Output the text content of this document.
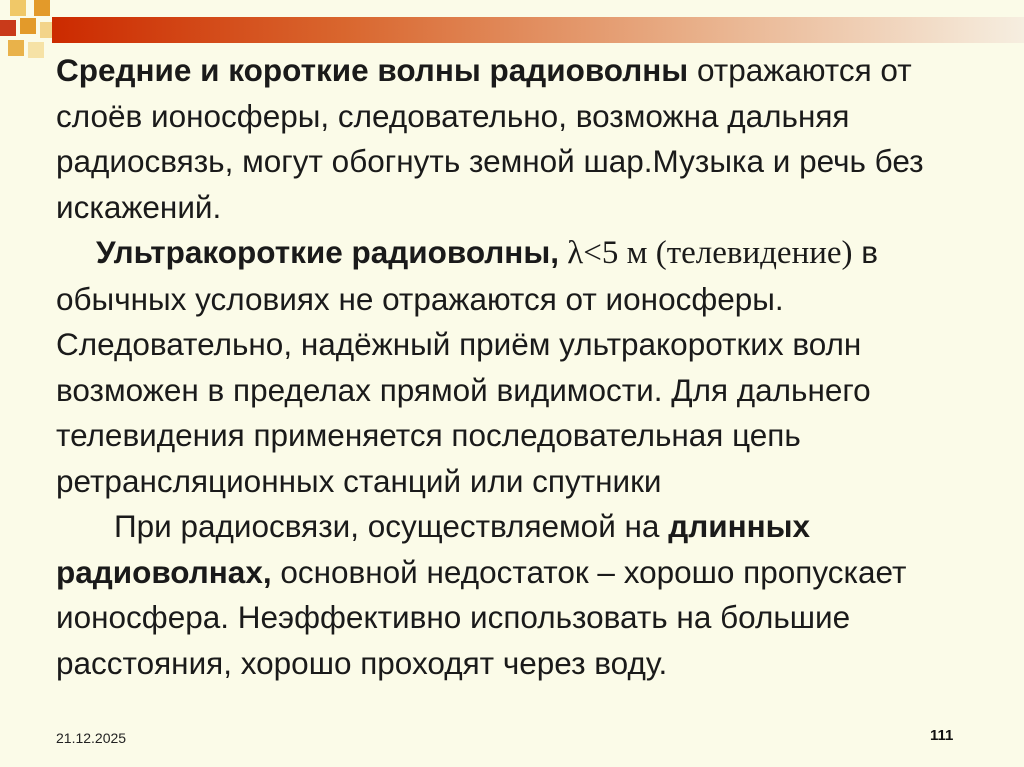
Средние и короткие волны радиоволны отражаются от слоёв ионосферы, следовательно, возможна дальняя радиосвязь, могут обогнуть земной шар.Музыка и речь без искажений.

Ультракороткие радиоволны, λ<5 м (телевидение) в обычных условиях не отражаются от ионосферы. Следовательно, надёжный приём ультракоротких волн возможен в пределах прямой видимости. Для дальнего телевидения применяется последовательная цепь ретрансляционных станций или спутники

При радиосвязи, осуществляемой на длинных радиоволнах, основной недостаток – хорошо пропускает ионосфера. Неэффективно использовать на большие расстояния, хорошо проходят через воду.

21.12.2025	111
